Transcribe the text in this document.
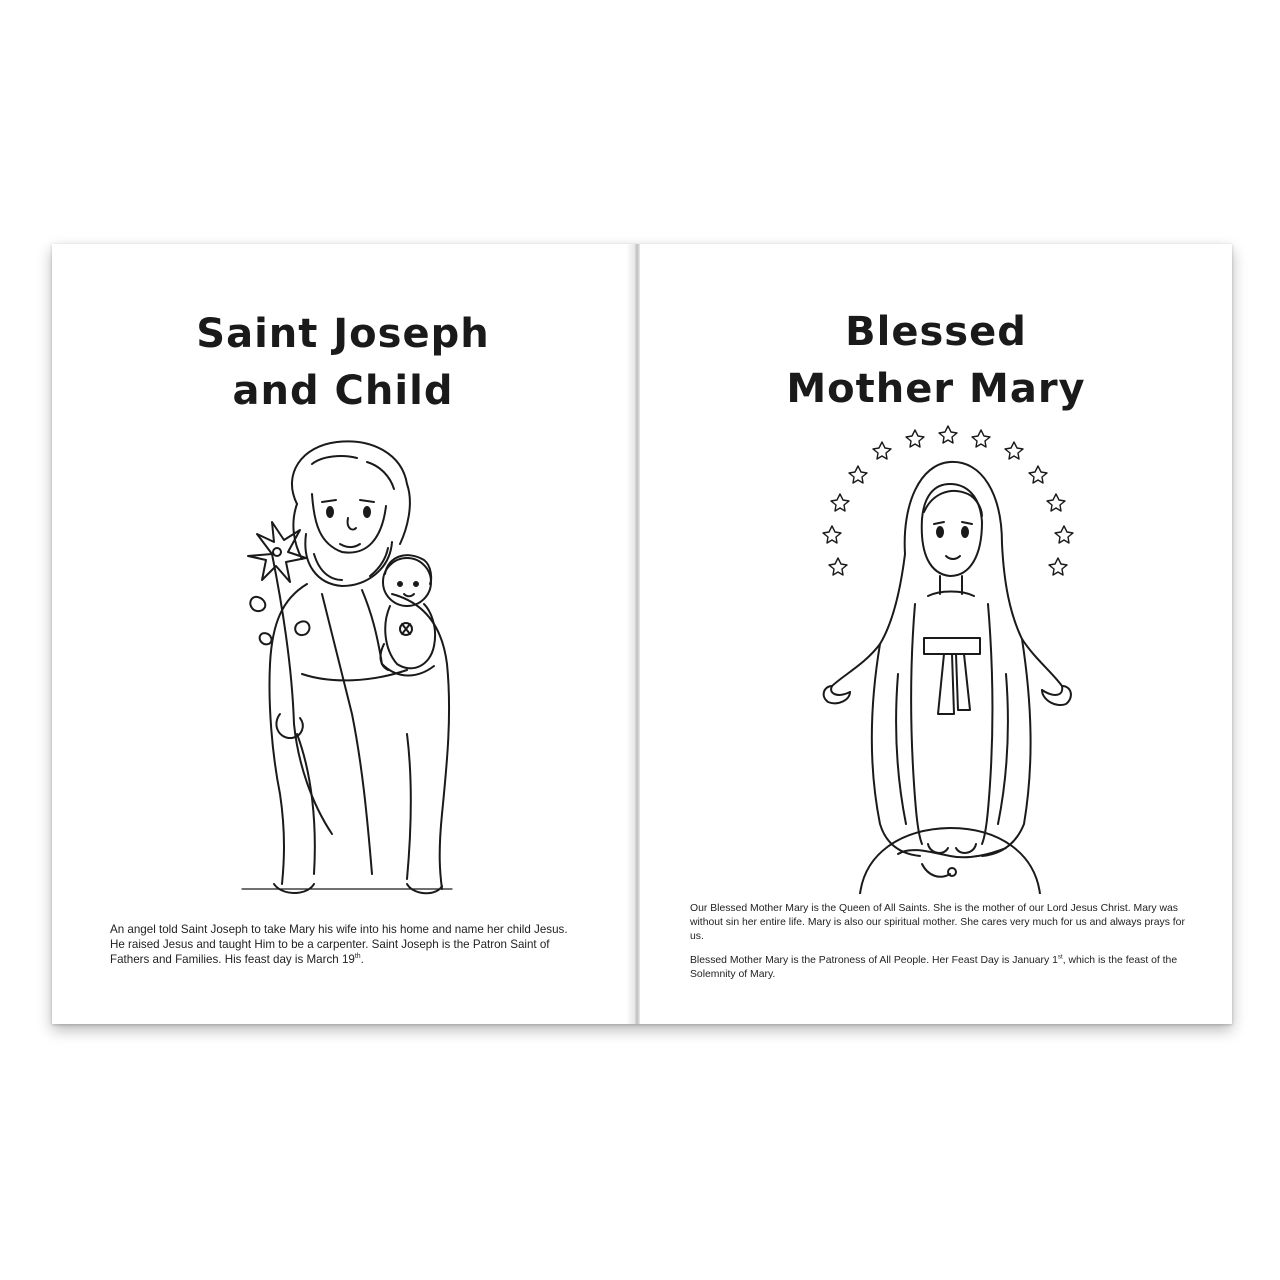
Saint Joseph
and Child

An angel told Saint Joseph to take Mary his wife into his home and name her child Jesus. He raised Jesus and taught Him to be a carpenter. Saint Joseph is the Patron Saint of Fathers and Families. His feast day is March 19th.

Blessed
Mother Mary

Our Blessed Mother Mary is the Queen of All Saints. She is the mother of our Lord Jesus Christ. Mary was without sin her entire life. Mary is also our spiritual mother. She cares very much for us and always prays for us.

Blessed Mother Mary is the Patroness of All People. Her Feast Day is January 1st, which is the feast of the Solemnity of Mary.
